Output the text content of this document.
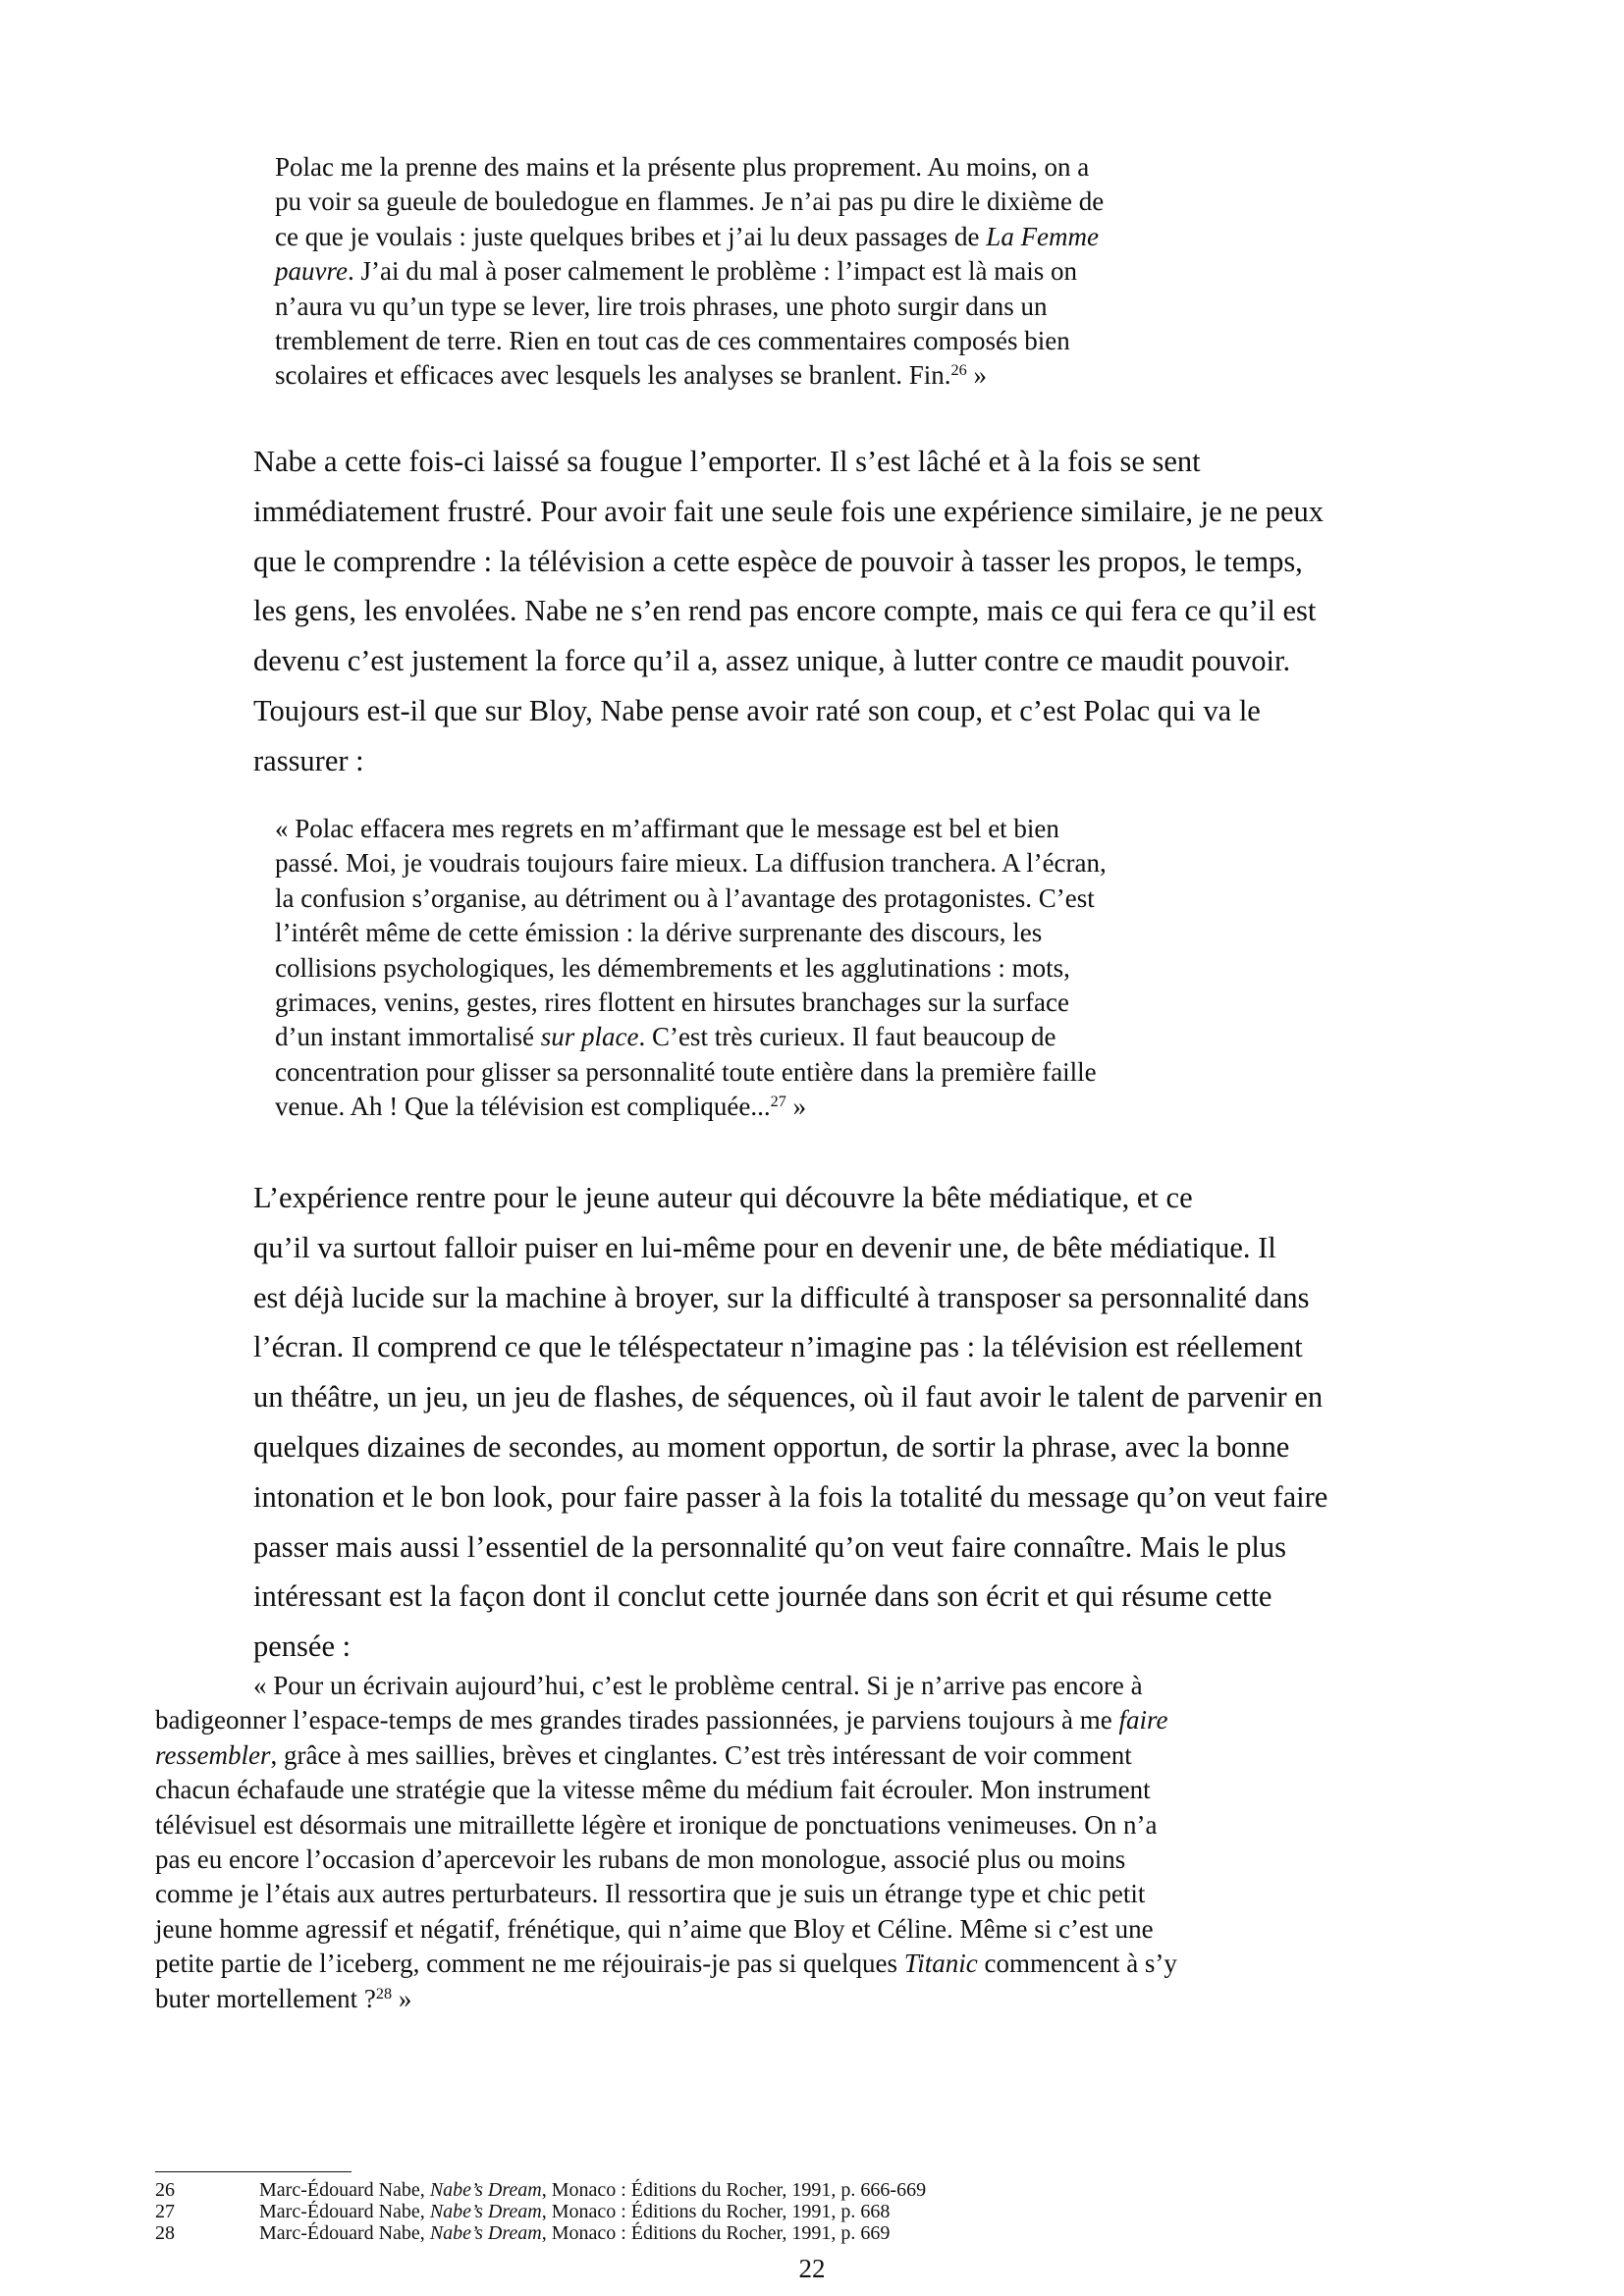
Polac me la prenne des mains et la présente plus proprement. Au moins, on a
pu voir sa gueule de bouledogue en flammes. Je n’ai pas pu dire le dixième de
ce que je voulais : juste quelques bribes et j’ai lu deux passages de La Femme
pauvre. J’ai du mal à poser calmement le problème : l’impact est là mais on
n’aura vu qu’un type se lever, lire trois phrases, une photo surgir dans un
tremblement de terre. Rien en tout cas de ces commentaires composés bien
scolaires et efficaces avec lesquels les analyses se branlent. Fin.$^{26}$ »
Nabe a cette fois-ci laissé sa fougue l’emporter. Il s’est lâché et à la fois se sent
immédiatement frustré. Pour avoir fait une seule fois une expérience similaire, je ne peux
que le comprendre : la télévision a cette espèce de pouvoir à tasser les propos, le temps,
les gens, les envolées. Nabe ne s’en rend pas encore compte, mais ce qui fera ce qu’il est
devenu c’est justement la force qu’il a, assez unique, à lutter contre ce maudit pouvoir.
Toujours est-il que sur Bloy, Nabe pense avoir raté son coup, et c’est Polac qui va le
rassurer :
« Polac effacera mes regrets en m’affirmant que le message est bel et bien
passé. Moi, je voudrais toujours faire mieux. La diffusion tranchera. A l’écran,
la confusion s’organise, au détriment ou à l’avantage des protagonistes. C’est
l’intérêt même de cette émission : la dérive surprenante des discours, les
collisions psychologiques, les démembrements et les agglutinations : mots,
grimaces, venins, gestes, rires flottent en hirsutes branchages sur la surface
d’un instant immortalisé sur place. C’est très curieux. Il faut beaucoup de
concentration pour glisser sa personnalité toute entière dans la première faille
venue. Ah ! Que la télévision est compliquée...$^{27}$ »
L’expérience rentre pour le jeune auteur qui découvre la bête médiatique, et ce
qu’il va surtout falloir puiser en lui-même pour en devenir une, de bête médiatique. Il
est déjà lucide sur la machine à broyer, sur la difficulté à transposer sa personnalité dans
l’écran. Il comprend ce que le téléspectateur n’imagine pas : la télévision est réellement
un théâtre, un jeu, un jeu de flashes, de séquences, où il faut avoir le talent de parvenir en
quelques dizaines de secondes, au moment opportun, de sortir la phrase, avec la bonne
intonation et le bon look, pour faire passer à la fois la totalité du message qu’on veut faire
passer mais aussi l’essentiel de la personnalité qu’on veut faire connaître. Mais le plus
intéressant est la façon dont il conclut cette journée dans son écrit et qui résume cette
pensée :
« Pour un écrivain aujourd’hui, c’est le problème central. Si je n’arrive pas encore à
badigeonner l’espace-temps de mes grandes tirades passionnées, je parviens toujours à me faire
ressembler, grâce à mes saillies, brèves et cinglantes. C’est très intéressant de voir comment
chacun échafaude une stratégie que la vitesse même du médium fait écrouler. Mon instrument
télévisuel est désormais une mitraillette légère et ironique de ponctuations venimeuses. On n’a
pas eu encore l’occasion d’apercevoir les rubans de mon monologue, associé plus ou moins
comme je l’étais aux autres perturbateurs. Il ressortira que je suis un étrange type et chic petit
jeune homme agressif et négatif, frénétique, qui n’aime que Bloy et Céline. Même si c’est une
petite partie de l’iceberg, comment ne me réjouirais-je pas si quelques Titanic commencent à s’y
buter mortellement ?$^{28}$ »
26	Marc-Édouard Nabe, Nabe’s Dream, Monaco : Éditions du Rocher, 1991, p. 666-669
27	Marc-Édouard Nabe, Nabe’s Dream, Monaco : Éditions du Rocher, 1991, p. 668
28	Marc-Édouard Nabe, Nabe’s Dream, Monaco : Éditions du Rocher, 1991, p. 669
22
